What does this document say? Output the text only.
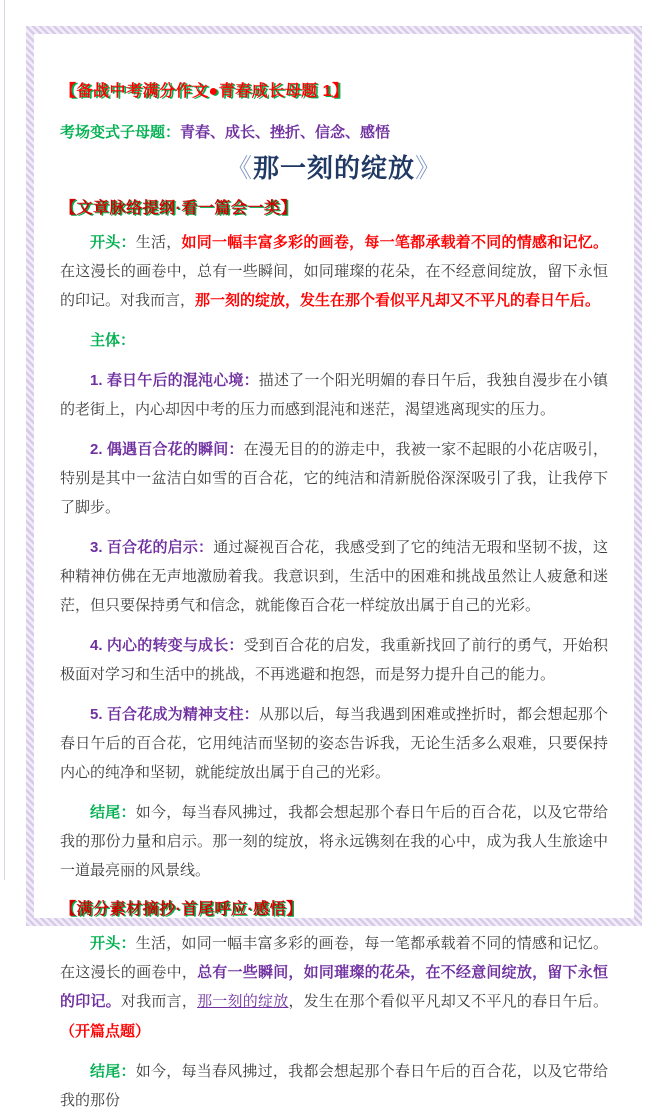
【备战中考满分作文●青春成长母题 1】
考场变式子母题：青春、成长、挫折、信念、感悟
《那一刻的绽放》
【文章脉络提纲·看一篇会一类】

开头：生活，如同一幅丰富多彩的画卷，每一笔都承载着不同的情感和记忆。在这漫长的画卷中，总有一些瞬间，如同璀璨的花朵，在不经意间绽放，留下永恒的印记。对我而言，那一刻的绽放，发生在那个看似平凡却又不平凡的春日午后。

主体：

1. 春日午后的混沌心境：描述了一个阳光明媚的春日午后，我独自漫步在小镇的老街上，内心却因中考的压力而感到混沌和迷茫，渴望逃离现实的压力。

2. 偶遇百合花的瞬间：在漫无目的的游走中，我被一家不起眼的小花店吸引，特别是其中一盆洁白如雪的百合花，它的纯洁和清新脱俗深深吸引了我，让我停下了脚步。

3. 百合花的启示：通过凝视百合花，我感受到了它的纯洁无瑕和坚韧不拔，这种精神仿佛在无声地激励着我。我意识到，生活中的困难和挑战虽然让人疲惫和迷茫，但只要保持勇气和信念，就能像百合花一样绽放出属于自己的光彩。

4. 内心的转变与成长：受到百合花的启发，我重新找回了前行的勇气，开始积极面对学习和生活中的挑战，不再逃避和抱怨，而是努力提升自己的能力。

5. 百合花成为精神支柱：从那以后，每当我遇到困难或挫折时，都会想起那个春日午后的百合花，它用纯洁而坚韧的姿态告诉我，无论生活多么艰难，只要保持内心的纯净和坚韧，就能绽放出属于自己的光彩。

结尾：如今，每当春风拂过，我都会想起那个春日午后的百合花，以及它带给我的那份力量和启示。那一刻的绽放，将永远镌刻在我的心中，成为我人生旅途中一道最亮丽的风景线。

【满分素材摘抄·首尾呼应·感悟】

开头：生活，如同一幅丰富多彩的画卷，每一笔都承载着不同的情感和记忆。在这漫长的画卷中，总有一些瞬间，如同璀璨的花朵，在不经意间绽放，留下永恒的印记。对我而言，那一刻的绽放，发生在那个看似平凡却又不平凡的春日午后。（开篇点题）

结尾：如今，每当春风拂过，我都会想起那个春日午后的百合花，以及它带给我的那份
